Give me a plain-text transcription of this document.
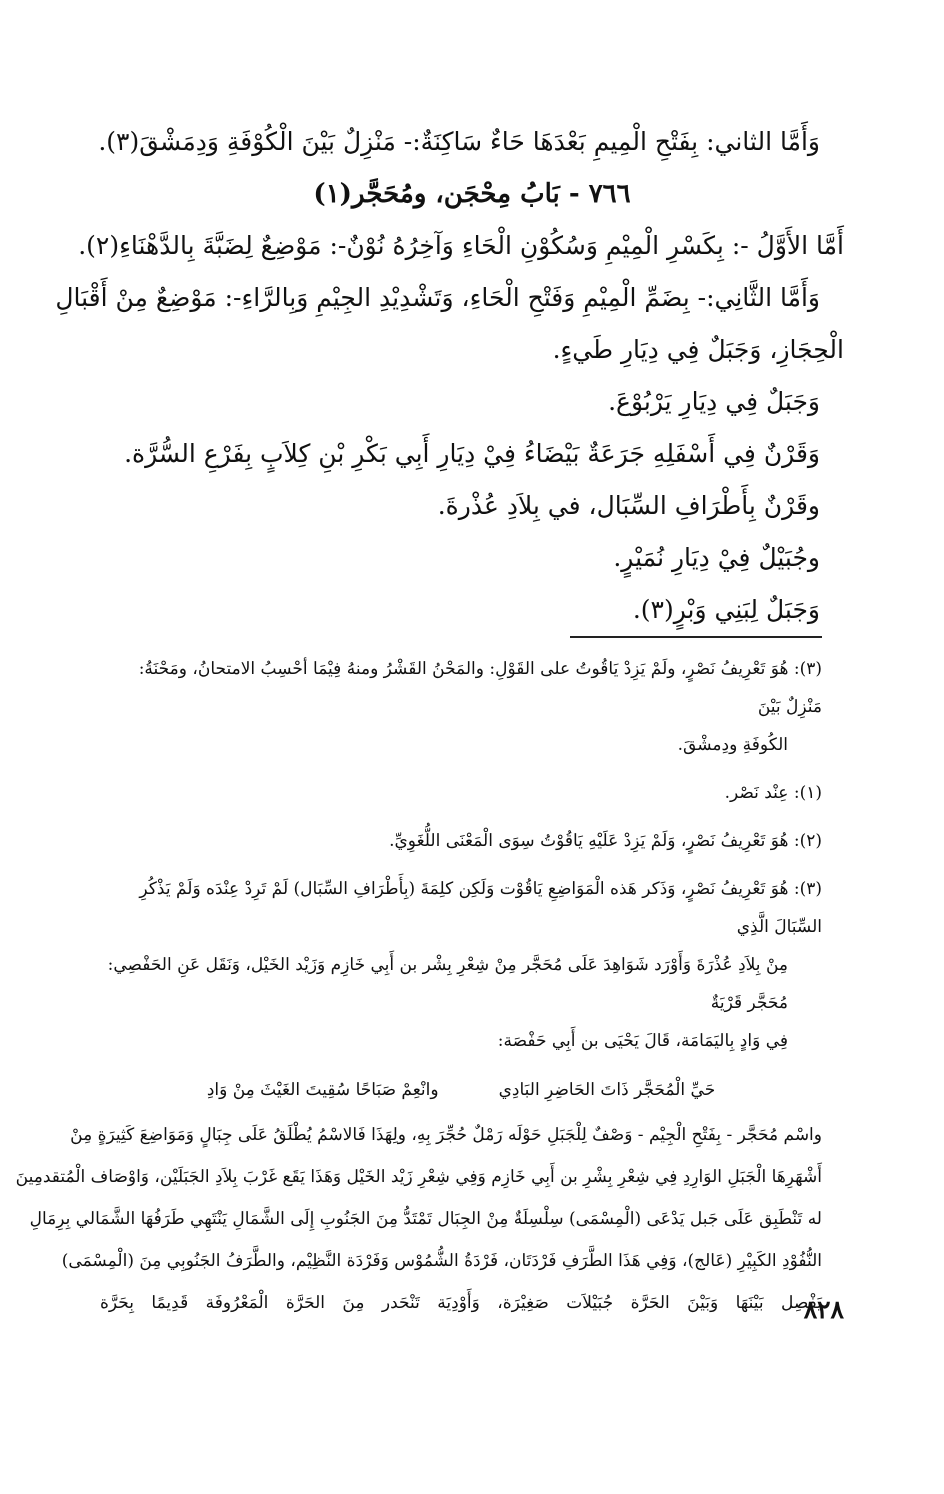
وَأَمَّا الثاني: بِفَتْحِ الْمِيمِ بَعْدَهَا حَاءٌ سَاكِنَةٌ:- مَنْزِلٌ بَيْنَ الْكُوْفَةِ وَدِمَشْقَ(٣).
٧٦٦ - بَابُ مِحْجَن، ومُحَجَّر(١)
أَمَّا الأَوَّلُ -: بِكَسْرِ الْمِيْمِ وَسُكُوْنِ الْحَاءِ وَآخِرُهُ نُوْنٌ-: مَوْضِعٌ لِضَبَّةَ بِالدَّهْنَاءِ(٢).
وَأَمَّا الثَّانِي:- بِضَمِّ الْمِيْمِ وَفَتْحِ الْحَاءِ، وَتَشْدِيْدِ الجِيْمِ وَبِالرَّاءِ-: مَوْضِعٌ مِنْ أَقْبَالِ
الْحِجَازِ، وَجَبَلٌ فِي دِيَارِ طَيءٍ.
وَجَبَلٌ فِي دِيَارِ يَرْبُوْعَ.
وَقَرْنٌ فِي أَسْفَلِهِ جَرَعَةٌ بَيْضَاءُ فِيْ دِيَارِ أَبِي بَكْرِ بْنِ كِلاَبٍ بِفَرْعِ السُّرَّة.
وقَرْنٌ بِأَطْرَافِ السِّبَال، في بِلاَدِ عُذْرةَ.
وجُبَيْلٌ فِيْ دِيَارِ نُمَيْرٍ.
وَجَبَلٌ لِبَنِي وَبْرٍ(٣).
(٣): هُوَ تَعْرِيفُ نَصْرٍ، ولَمْ يَزِدْ يَاقُوتُ على القَوْلِ: والمَحْنُ القَشْرُ ومنهُ فِيْمَا أحْسِبُ الامتحانُ، ومَحْنَةُ: مَنْزِلٌ بَيْنَ
الكُوفَةِ ودِمشْقَ.
(١): عِنْد نَصْر.
(٢): هُوَ تَعْرِيفُ نَصْرٍ، وَلَمْ يَزِدْ عَلَيْهِ يَاقُوْتُ سِوَى الْمَعْنَى اللُّغَوِيِّ.
(٣): هُوَ تَعْرِيفُ نَصْرٍ، وَذَكر هَذه الْمَوَاضِعِ يَاقُوْت وَلَكِن كلِمَةَ (بِأَطْرَافِ السِّبَال) لَمْ تَرِدْ عِنْدَه وَلَمْ يَذْكُرِ السِّبَالَ الَّذِي
مِنْ بِلاَدِ عُذْرَةَ وَأَوْرَد شَوَاهِدَ عَلَى مُحَجَّر مِنْ شِعْرِ بِشْر بن أَبِي خَازِم وَزَيْد الخَيْل، وَنَقَل عَنِ الحَفْصِي: مُحَجَّر قَرْيَةٌ
فِي وَادٍ بِاليَمَامَة، قَالَ يَحْيَى بن أَبِي حَفْصَة:
حَيِّ الْمُحَجَّر ذَاتَ الحَاضِرِ البَادِي
وانْعِمْ صَبَاحًا سُقِيتَ الغَيْثَ مِنْ وَادِ
واسْم مُحَجَّر - بِفَتْحِ الْجِيْم - وَصْفٌ لِلْجَبَلِ حَوْلَه رَمْلٌ حُجِّرَ بِهِ، ولِهَذَا فَالاسْمُ يُطْلَقُ عَلَى جِبَالٍ وَمَوَاضِعَ كَثِيرَةٍ مِنْ
أَشْهَرِهَا الْجَبَلِ الوَارِدِ فِي شِعْرِ بِشْرِ بن أَبِي خَازِم وَفِي شِعْرِ زَيْد الخَيْل وَهَذَا يَقَع غَرْبَ بِلاَدِ الجَبَلَيْن، وَاوْصَاف الْمُتقدمِينَ
له تَنْطَبِق عَلَى جَبل يَدْعَى (الْمِسْمَى) سِلْسِلَةٌ مِنْ الجِبَال تَمْتَدُّ مِنَ الجَنُوبِ إِلَى الشَّمَالِ يَنْتَهِي طَرَفُهَا الشَّمَالي بِرِمَالِ
النُّفُوْدِ الكَبِيْرِ (عَالج)، وَفِي هَذَا الطَّرَفِ فَرْدَتَان، فَرْدَةُ الشُّمُوْس وَفَرْدَة النَّظِيْم، والطَّرَفُ الجَنُوبِي مِنَ (الْمِسْمَى)
يَفْصِل بَيْنَهَا وَبَيْنَ الحَرَّة جُبَيْلاَت صَغِيْرَة، وَأَوْدِيَة تَنْحَدر مِنَ الحَرَّة الْمَعْرُوفَة قَدِيمًا بِحَرَّة
٨٢٨
